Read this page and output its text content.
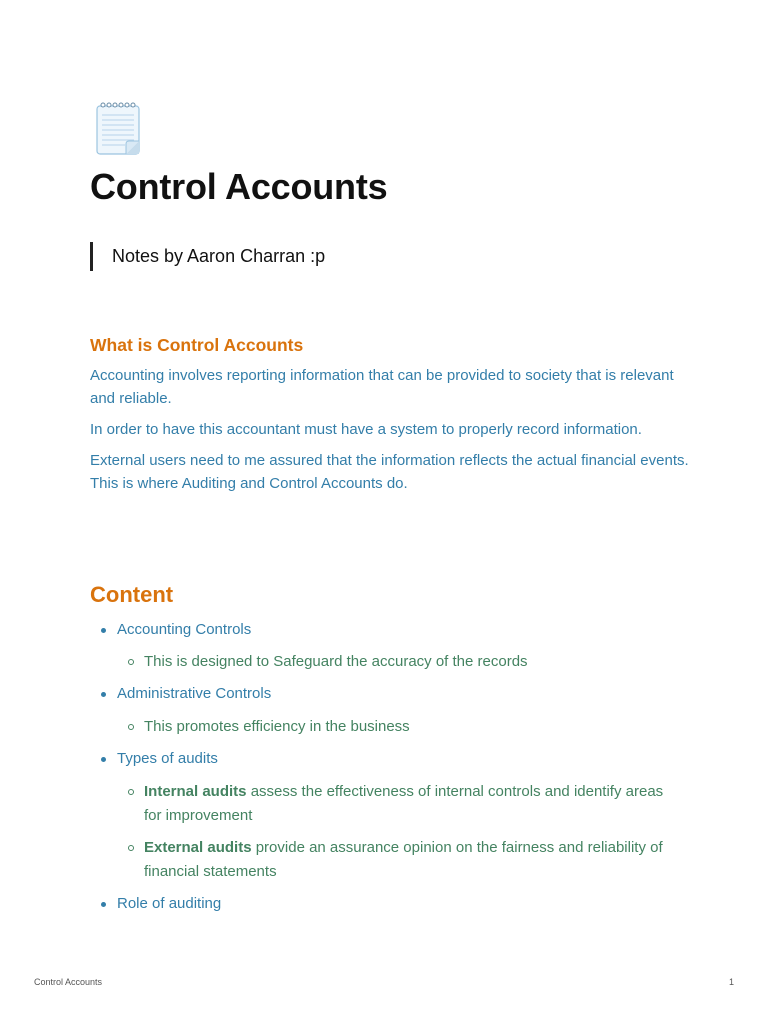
Control Accounts
Notes by Aaron Charran :p
What is Control Accounts

Accounting involves reporting information that can be provided to society that is relevant and reliable.

In order to have this accountant must have a system to properly record information.

External users need to me assured that the information reflects the actual financial events. This is where Auditing and Control Accounts do.

Content
Accounting Controls
This is designed to Safeguard the accuracy of the records
Administrative Controls
This promotes efficiency in the business
Types of audits
Internal audits assess the effectiveness of internal controls and identify areas for improvement
External audits provide an assurance opinion on the fairness and reliability of financial statements
Role of auditing
Control Accounts	1
